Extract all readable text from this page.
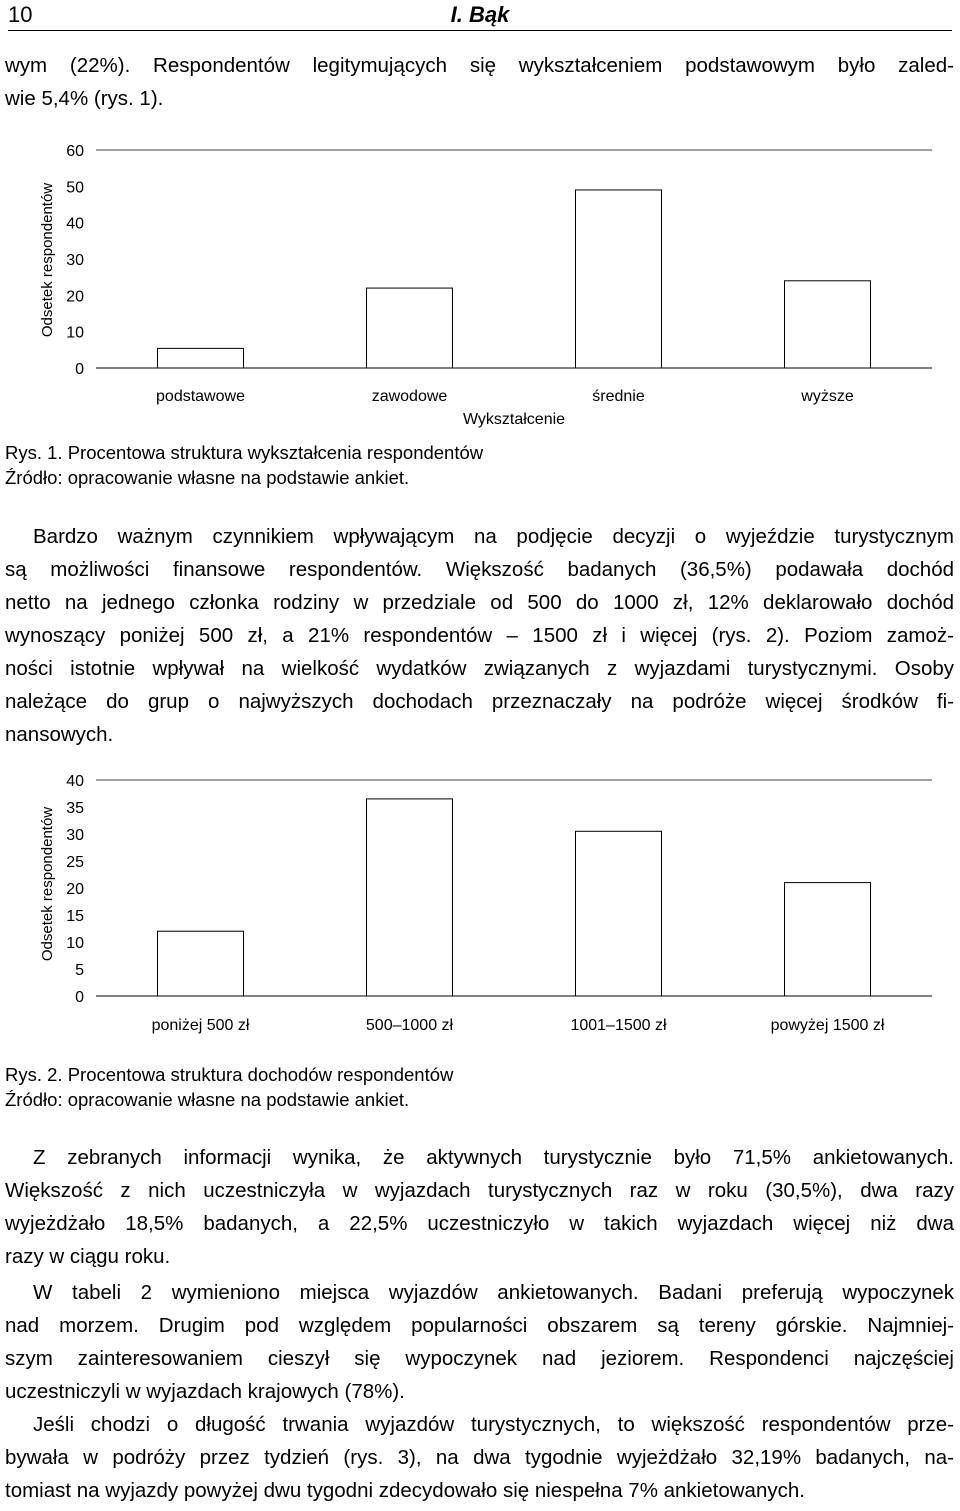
10	I. Bąk
wym (22%). Respondentów legitymujących się wykształceniem podstawowym było zaled-
wie 5,4% (rys. 1).
Odsetek respondentów
0
10
20
30
40
50
60
podstawowe	zawodowe	średnie	wyższe
Wykształcenie
Rys. 1. Procentowa struktura wykształcenia respondentów
Źródło: opracowanie własne na podstawie ankiet.
Bardzo ważnym czynnikiem wpływającym na podjęcie decyzji o wyjeździe turystycznym
są możliwości finansowe respondentów. Większość badanych (36,5%) podawała dochód
netto na jednego członka rodziny w przedziale od 500 do 1000 zł, 12% deklarowało dochód
wynoszący poniżej 500 zł, a 21% respondentów – 1500 zł i więcej (rys. 2). Poziom zamoż-
ności istotnie wpływał na wielkość wydatków związanych z wyjazdami turystycznymi. Osoby
należące do grup o najwyższych dochodach przeznaczały na podróże więcej środków fi-
nansowych.
Odsetek respondentów
0
5
10
15
20
25
30
35
40
poniżej 500 zł	500–1000 zł	1001–1500 zł	powyżej 1500 zł
Rys. 2. Procentowa struktura dochodów respondentów
Źródło: opracowanie własne na podstawie ankiet.
Z zebranych informacji wynika, że aktywnych turystycznie było 71,5% ankietowanych.
Większość z nich uczestniczyła w wyjazdach turystycznych raz w roku (30,5%), dwa razy
wyjeżdżało 18,5% badanych, a 22,5% uczestniczyło w takich wyjazdach więcej niż dwa
razy w ciągu roku.
W tabeli 2 wymieniono miejsca wyjazdów ankietowanych. Badani preferują wypoczynek
nad morzem. Drugim pod względem popularności obszarem są tereny górskie. Najmniej-
szym zainteresowaniem cieszył się wypoczynek nad jeziorem. Respondenci najczęściej
uczestniczyli w wyjazdach krajowych (78%).
Jeśli chodzi o długość trwania wyjazdów turystycznych, to większość respondentów prze-
bywała w podróży przez tydzień (rys. 3), na dwa tygodnie wyjeżdżało 32,19% badanych, na-
tomiast na wyjazdy powyżej dwu tygodni zdecydowało się niespełna 7% ankietowanych.
